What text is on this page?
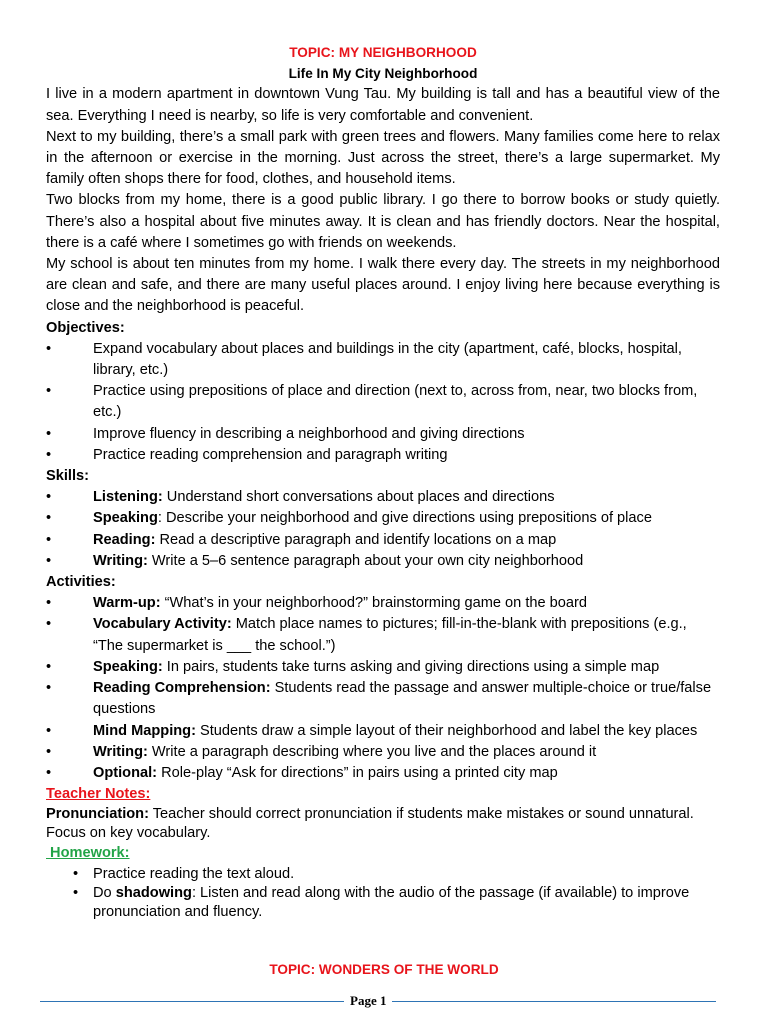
TOPIC: MY NEIGHBORHOOD
Life In My City Neighborhood

I live in a modern apartment in downtown Vung Tau. My building is tall and has a beautiful view of the sea. Everything I need is nearby, so life is very comfortable and convenient.

Next to my building, there’s a small park with green trees and flowers. Many families come here to relax in the afternoon or exercise in the morning. Just across the street, there’s a large supermarket. My family often shops there for food, clothes, and household items.

Two blocks from my home, there is a good public library. I go there to borrow books or study quietly. There’s also a hospital about five minutes away. It is clean and has friendly doctors. Near the hospital, there is a café where I sometimes go with friends on weekends.

My school is about ten minutes from my home. I walk there every day. The streets in my neighborhood are clean and safe, and there are many useful places around. I enjoy living here because everything is close and the neighborhood is peaceful.

Objectives:
•	Expand vocabulary about places and buildings in the city (apartment, café, blocks, hospital, library, etc.)
•	Practice using prepositions of place and direction (next to, across from, near, two blocks from, etc.)
•	Improve fluency in describing a neighborhood and giving directions
•	Practice reading comprehension and paragraph writing
Skills:
•	Listening: Understand short conversations about places and directions
•	Speaking: Describe your neighborhood and give directions using prepositions of place
•	Reading: Read a descriptive paragraph and identify locations on a map
•	Writing: Write a 5–6 sentence paragraph about your own city neighborhood
Activities:
•	Warm-up: “What’s in your neighborhood?” brainstorming game on the board
•	Vocabulary Activity: Match place names to pictures; fill-in-the-blank with prepositions (e.g., “The supermarket is ___ the school.”)
•	Speaking: In pairs, students take turns asking and giving directions using a simple map
•	Reading Comprehension: Students read the passage and answer multiple-choice or true/false questions
•	Mind Mapping: Students draw a simple layout of their neighborhood and label the key places
•	Writing: Write a paragraph describing where you live and the places around it
•	Optional: Role-play “Ask for directions” in pairs using a printed city map
Teacher Notes:
Pronunciation: Teacher should correct pronunciation if students make mistakes or sound unnatural. Focus on key vocabulary.
Homework:
• Practice reading the text aloud.
• Do shadowing: Listen and read along with the audio of the passage (if available) to improve pronunciation and fluency.
TOPIC: WONDERS OF THE WORLD
Page 1
